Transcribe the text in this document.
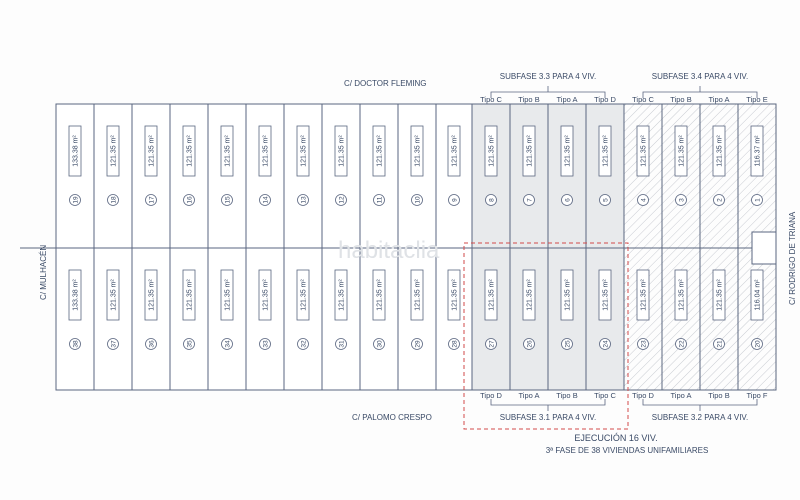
133.38 m²
19
121.35 m²
18
121.35 m²
17
121.35 m²
16
121.35 m²
15
121.35 m²
14
121.35 m²
13
121.35 m²
12
121.35 m²
11
121.35 m²
10
121.35 m²
9
121.35 m²
8
121.35 m²
7
121.35 m²
6
121.35 m²
5
121.35 m²
4
121.35 m²
3
121.35 m²
2
116.37 m²
1
133.38 m²
38
121.35 m²
37
121.35 m²
36
121.35 m²
35
121.35 m²
34
121.35 m²
33
121.35 m²
32
121.35 m²
31
121.35 m²
30
121.35 m²
29
121.35 m²
28
121.35 m²
27
121.35 m²
26
121.35 m²
25
121.35 m²
24
121.35 m²
23
121.35 m²
22
121.35 m²
21
116.04 m²
20
habitaclia
C/ DOCTOR FLEMING
C/ PALOMO CRESPO
C/ MULHACÉN	C/ RODRIGO DE TRIANA
Tipo C Tipo B Tipo A Tipo D Tipo C Tipo B Tipo A Tipo E
Tipo D Tipo A Tipo B Tipo C Tipo D Tipo A Tipo B Tipo F
SUBFASE 3.3 PARA 4 VIV.	SUBFASE 3.4 PARA 4 VIV.
SUBFASE 3.1 PARA 4 VIV.	SUBFASE 3.2 PARA 4 VIV.
EJECUCIÓN 16 VIV.
3ª FASE DE 38 VIVIENDAS UNIFAMILIARES
